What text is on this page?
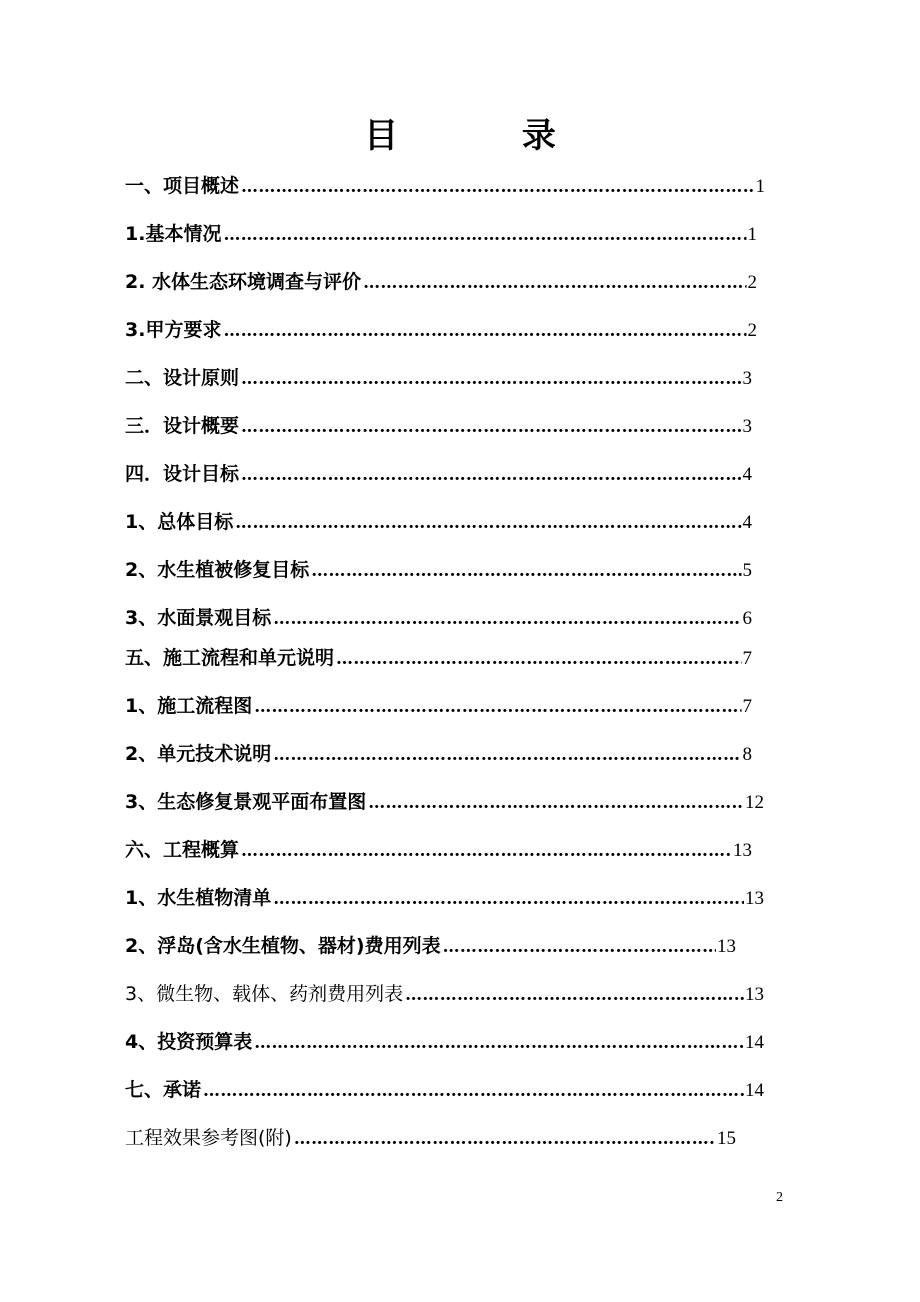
目 录
一、项目概述 …………………………………………………………………………………………………………………………………………	1
1.基本情况 …………………………………………………………………………………………………………………………………………	1
2. 水体生态环境调查与评价 …………………………………………………………………………………………………………………………………………	2
3.甲方要求 …………………………………………………………………………………………………………………………………………	2
二、设计原则 …………………………………………………………………………………………………………………………………………	3
三．设计概要 …………………………………………………………………………………………………………………………………………	3
四．设计目标 …………………………………………………………………………………………………………………………………………	4
1、总体目标 …………………………………………………………………………………………………………………………………………	4
2、水生植被修复目标 …………………………………………………………………………………………………………………………………………	5
3、水面景观目标 …………………………………………………………………………………………………………………………………………	6
五、施工流程和单元说明 …………………………………………………………………………………………………………………………………………	7
1、施工流程图 …………………………………………………………………………………………………………………………………………	7
2、单元技术说明 …………………………………………………………………………………………………………………………………………	8
3、生态修复景观平面布置图 …………………………………………………………………………………………………………………………………………	12
六、工程概算 …………………………………………………………………………………………………………………………………………	13
1、水生植物清单 …………………………………………………………………………………………………………………………………………	13
2、浮岛(含水生植物、器材)费用列表 …………………………………………………………………………………………………………………………………………	13
3、微生物、载体、药剂费用列表 …………………………………………………………………………………………………………………………………………	13
4、投资预算表 …………………………………………………………………………………………………………………………………………	14
七、承诺 …………………………………………………………………………………………………………………………………………	14
工程效果参考图(附) …………………………………………………………………………………………………………………………………………	15
2
